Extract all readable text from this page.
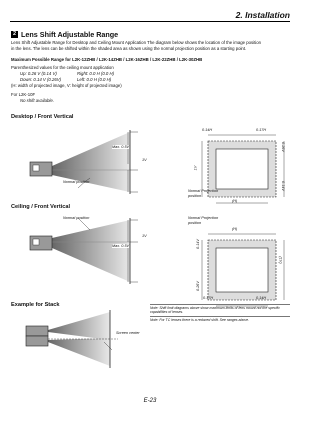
2. Installation
2 Lens Shift Adjustable Range
Lens Shift Adjustable Range for Desktop and Ceiling Mount Application The diagram below shows the location of the image position
in the lens. The lens can be shifted within the shaded area as shown using the normal projection position as a starting point.
Maximum Possible Range for L2K-12ZHB / L2K-14ZHB / L2K-16ZHB / L2K-22ZHB / L2K-30ZHB
Parenthesized values for the ceiling mount application
Up: 0.26 V (0.14 V)	Right: 0.0 H (0.0 H)
Down: 0.14 V (0.26V)	Left: 0.0 H (0.0 H)
(H: width of projected image, V: height of projected image)
For L2K-10F
No shift available.
Desktop / Front Vertical
Max. 0.5V
1V
Normal position
0.14H	0.17H
0.26V
1V
0.14V
Normal Projection
position
(H)
Ceiling / Front Vertical
Normal position
1V
Max. 0.5V
Normal Projection
position
(H)
0.14V
(1V)
0.26V
0.17H	0.14H
Example for Stack
Screen center
Note: Shift limit diagrams above show maximum limits of lens mount not the specific capabilities of lenses.
Note: For TC lenses there is a reduced shift. See ranges above.
E-23
